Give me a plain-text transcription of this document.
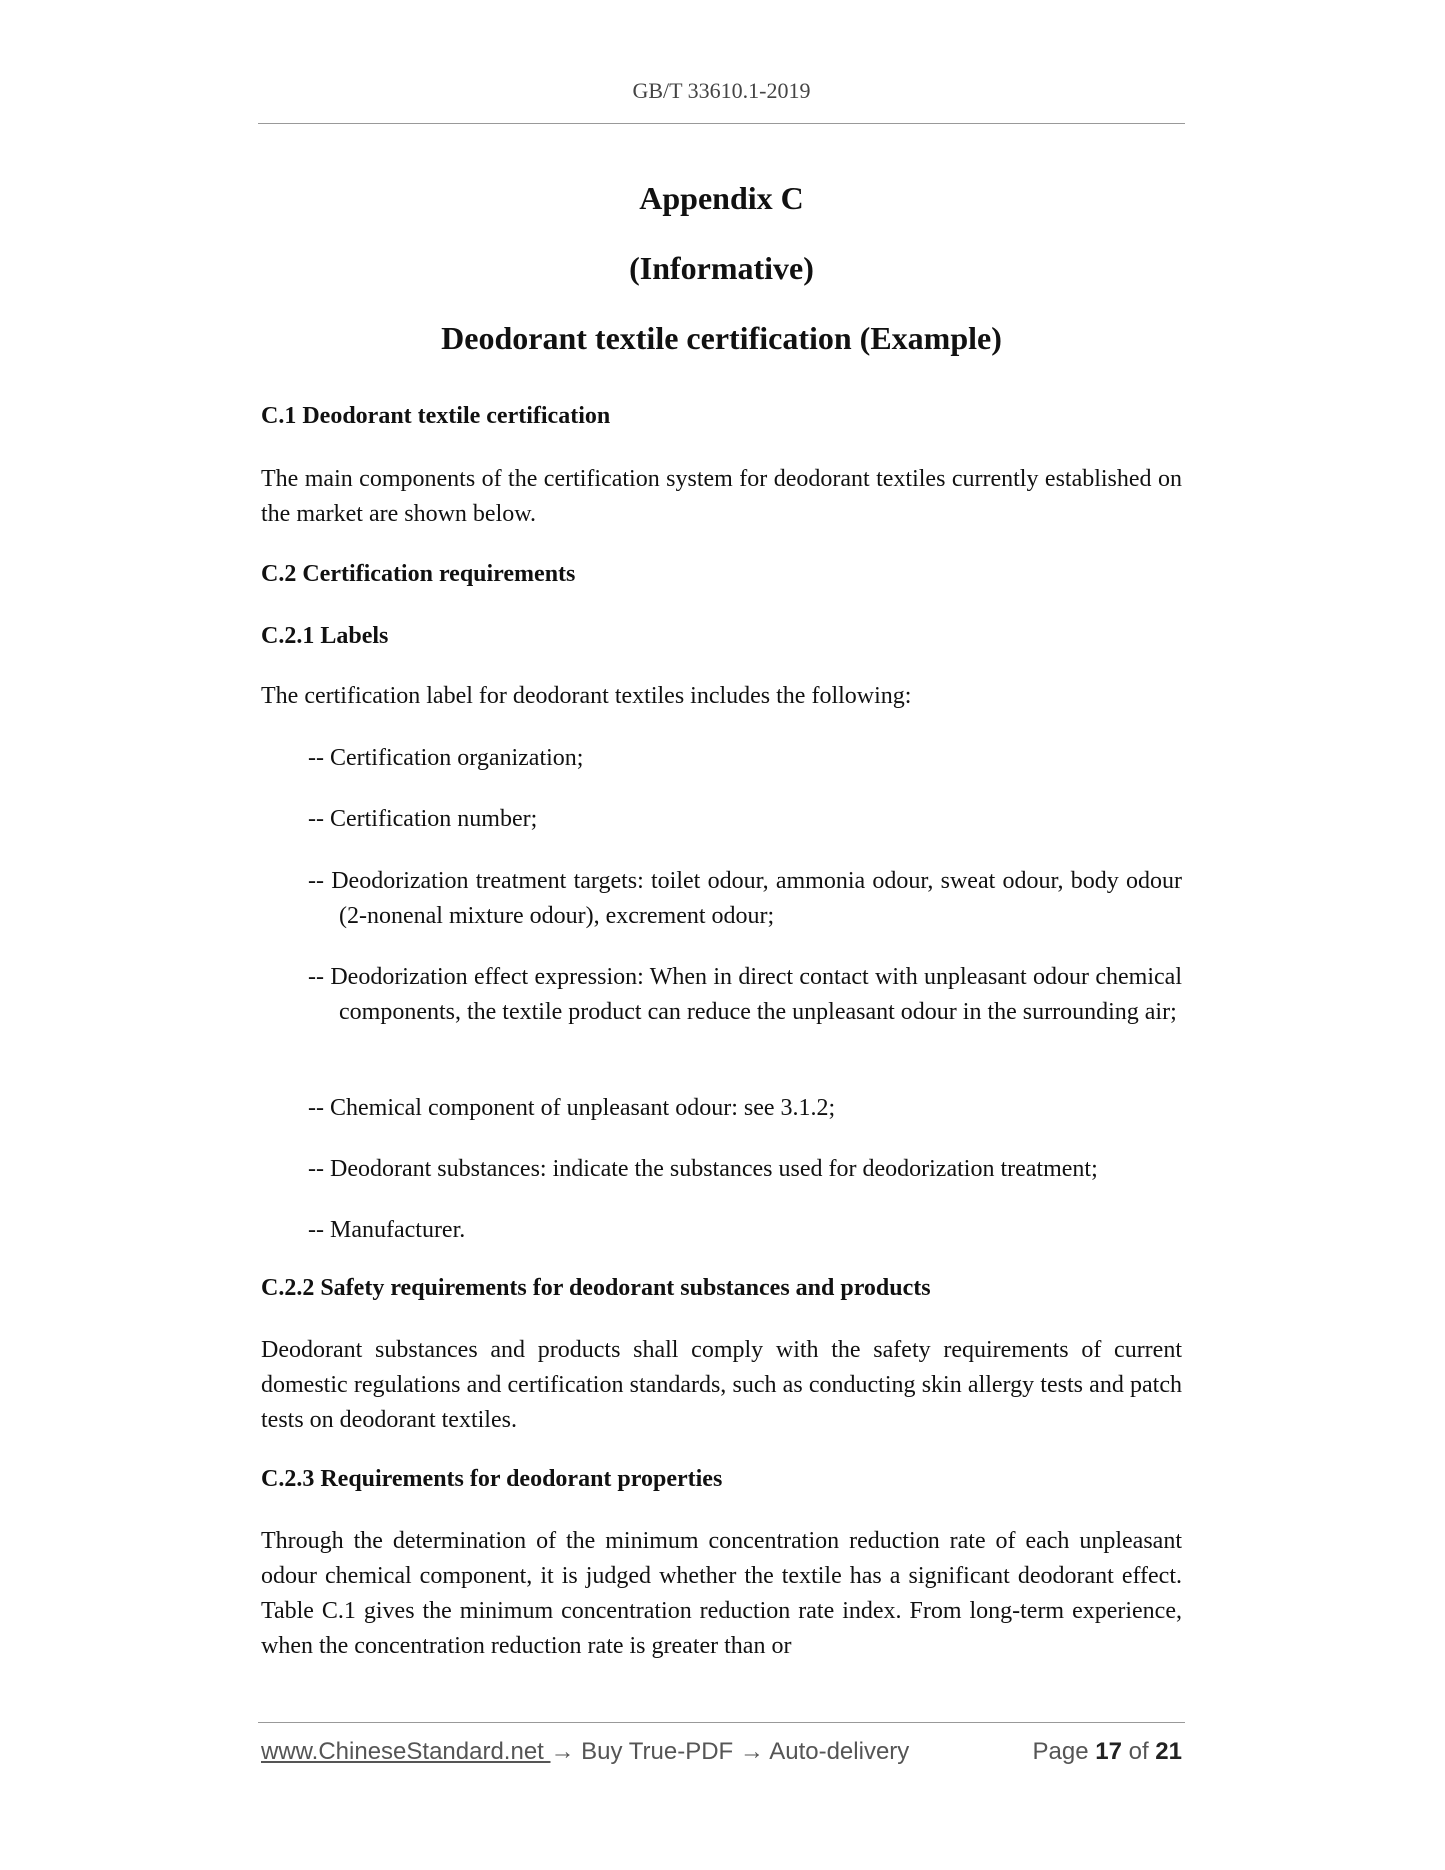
GB/T 33610.1-2019
Appendix C
(Informative)
Deodorant textile certification (Example)
C.1 Deodorant textile certification
The main components of the certification system for deodorant textiles currently established on the market are shown below.
C.2 Certification requirements
C.2.1 Labels
The certification label for deodorant textiles includes the following:
-- Certification organization;
-- Certification number;
-- Deodorization treatment targets: toilet odour, ammonia odour, sweat odour, body odour (2-nonenal mixture odour), excrement odour;
-- Deodorization effect expression: When in direct contact with unpleasant odour chemical components, the textile product can reduce the unpleasant odour in the surrounding air;
-- Chemical component of unpleasant odour: see 3.1.2;
-- Deodorant substances: indicate the substances used for deodorization treatment;
-- Manufacturer.
C.2.2 Safety requirements for deodorant substances and products
Deodorant substances and products shall comply with the safety requirements of current domestic regulations and certification standards, such as conducting skin allergy tests and patch tests on deodorant textiles.
C.2.3 Requirements for deodorant properties
Through the determination of the minimum concentration reduction rate of each unpleasant odour chemical component, it is judged whether the textile has a significant deodorant effect. Table C.1 gives the minimum concentration reduction rate index. From long-term experience, when the concentration reduction rate is greater than or
www.ChineseStandard.net → Buy True-PDF → Auto-delivery	Page 17 of 21
